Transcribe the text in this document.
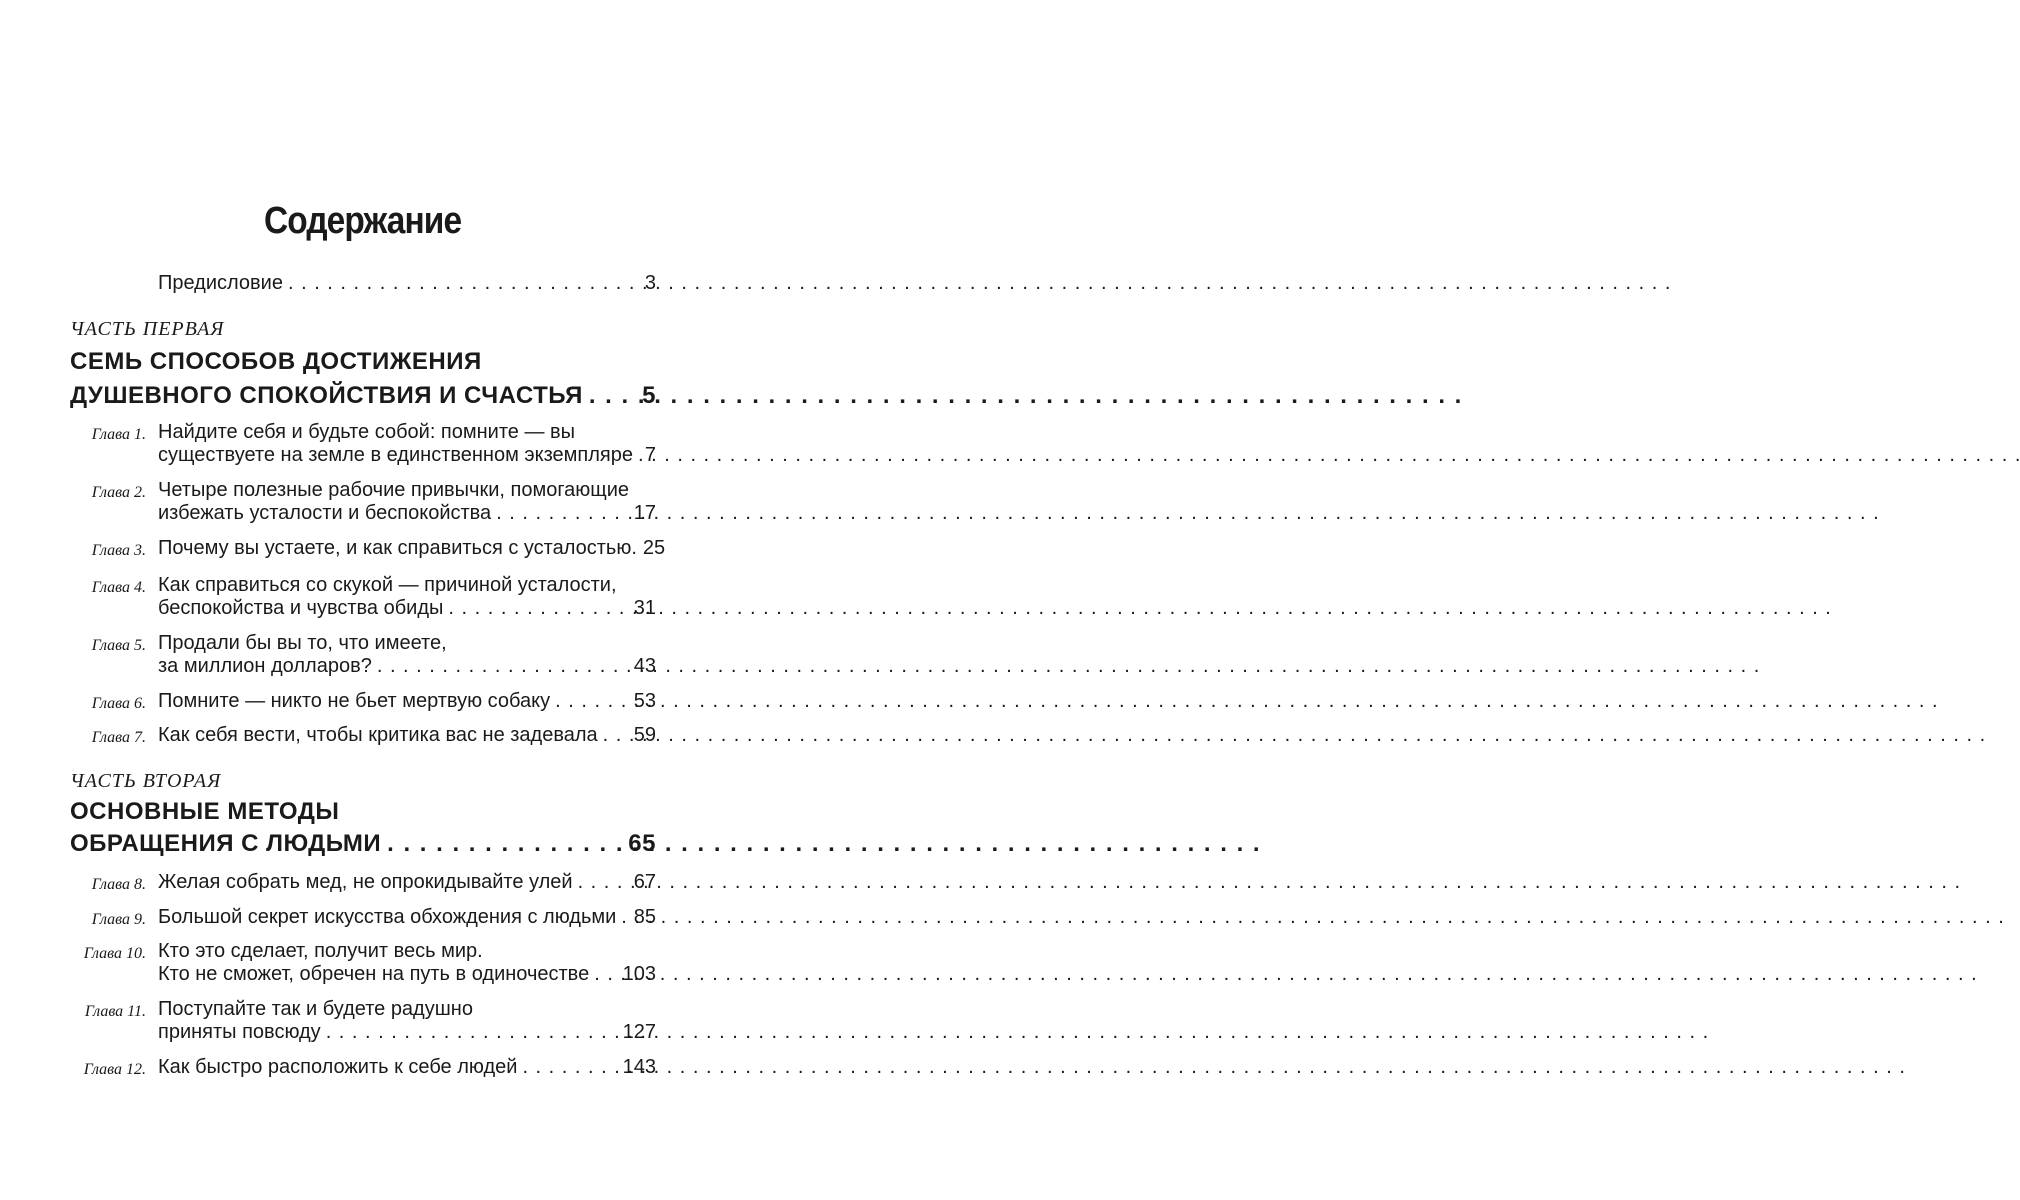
Содержание
Предисловие . . .	3
ЧАСТЬ ПЕРВАЯ
СЕМЬ СПОСОБОВ ДОСТИЖЕНИЯ
ДУШЕВНОГО СПОКОЙСТВИЯ И СЧАСТЬЯ . . . 5
Глава 1. Найдите себя и будьте собой: помните — вы
существуете на земле в единственном экземпляре . . . 7
Глава 2. Четыре полезные рабочие привычки, помогающие
избежать усталости и беспокойства . . .	17
Глава 3. Почему вы устаете, и как справиться с усталостью. 25
Глава 4. Как справиться со скукой — причиной усталости,
беспокойства и чувства обиды . . .	31
Глава 5. Продали бы вы то, что имеете,
за миллион долларов? . . .	43
Глава 6. Помните — никто не бьет мертвую собаку . . .	53
Глава 7. Как себя вести, чтобы критика вас не задевала . . . 59
ЧАСТЬ ВТОРАЯ
ОСНОВНЫЕ МЕТОДЫ
ОБРАЩЕНИЯ С ЛЮДЬМИ . . .	65
Глава 8. Желая собрать мед, не опрокидывайте улей . . .	67
Глава 9. Большой секрет искусства обхождения с людьми . . . 85
Глава 10. Кто это сделает, получит весь мир.
Кто не сможет, обречен на путь в одиночестве . . . 103
Глава 11. Поступайте так и будете радушно
приняты повсюду . . .	127
Глава 12. Как быстро расположить к себе людей . . .	143
